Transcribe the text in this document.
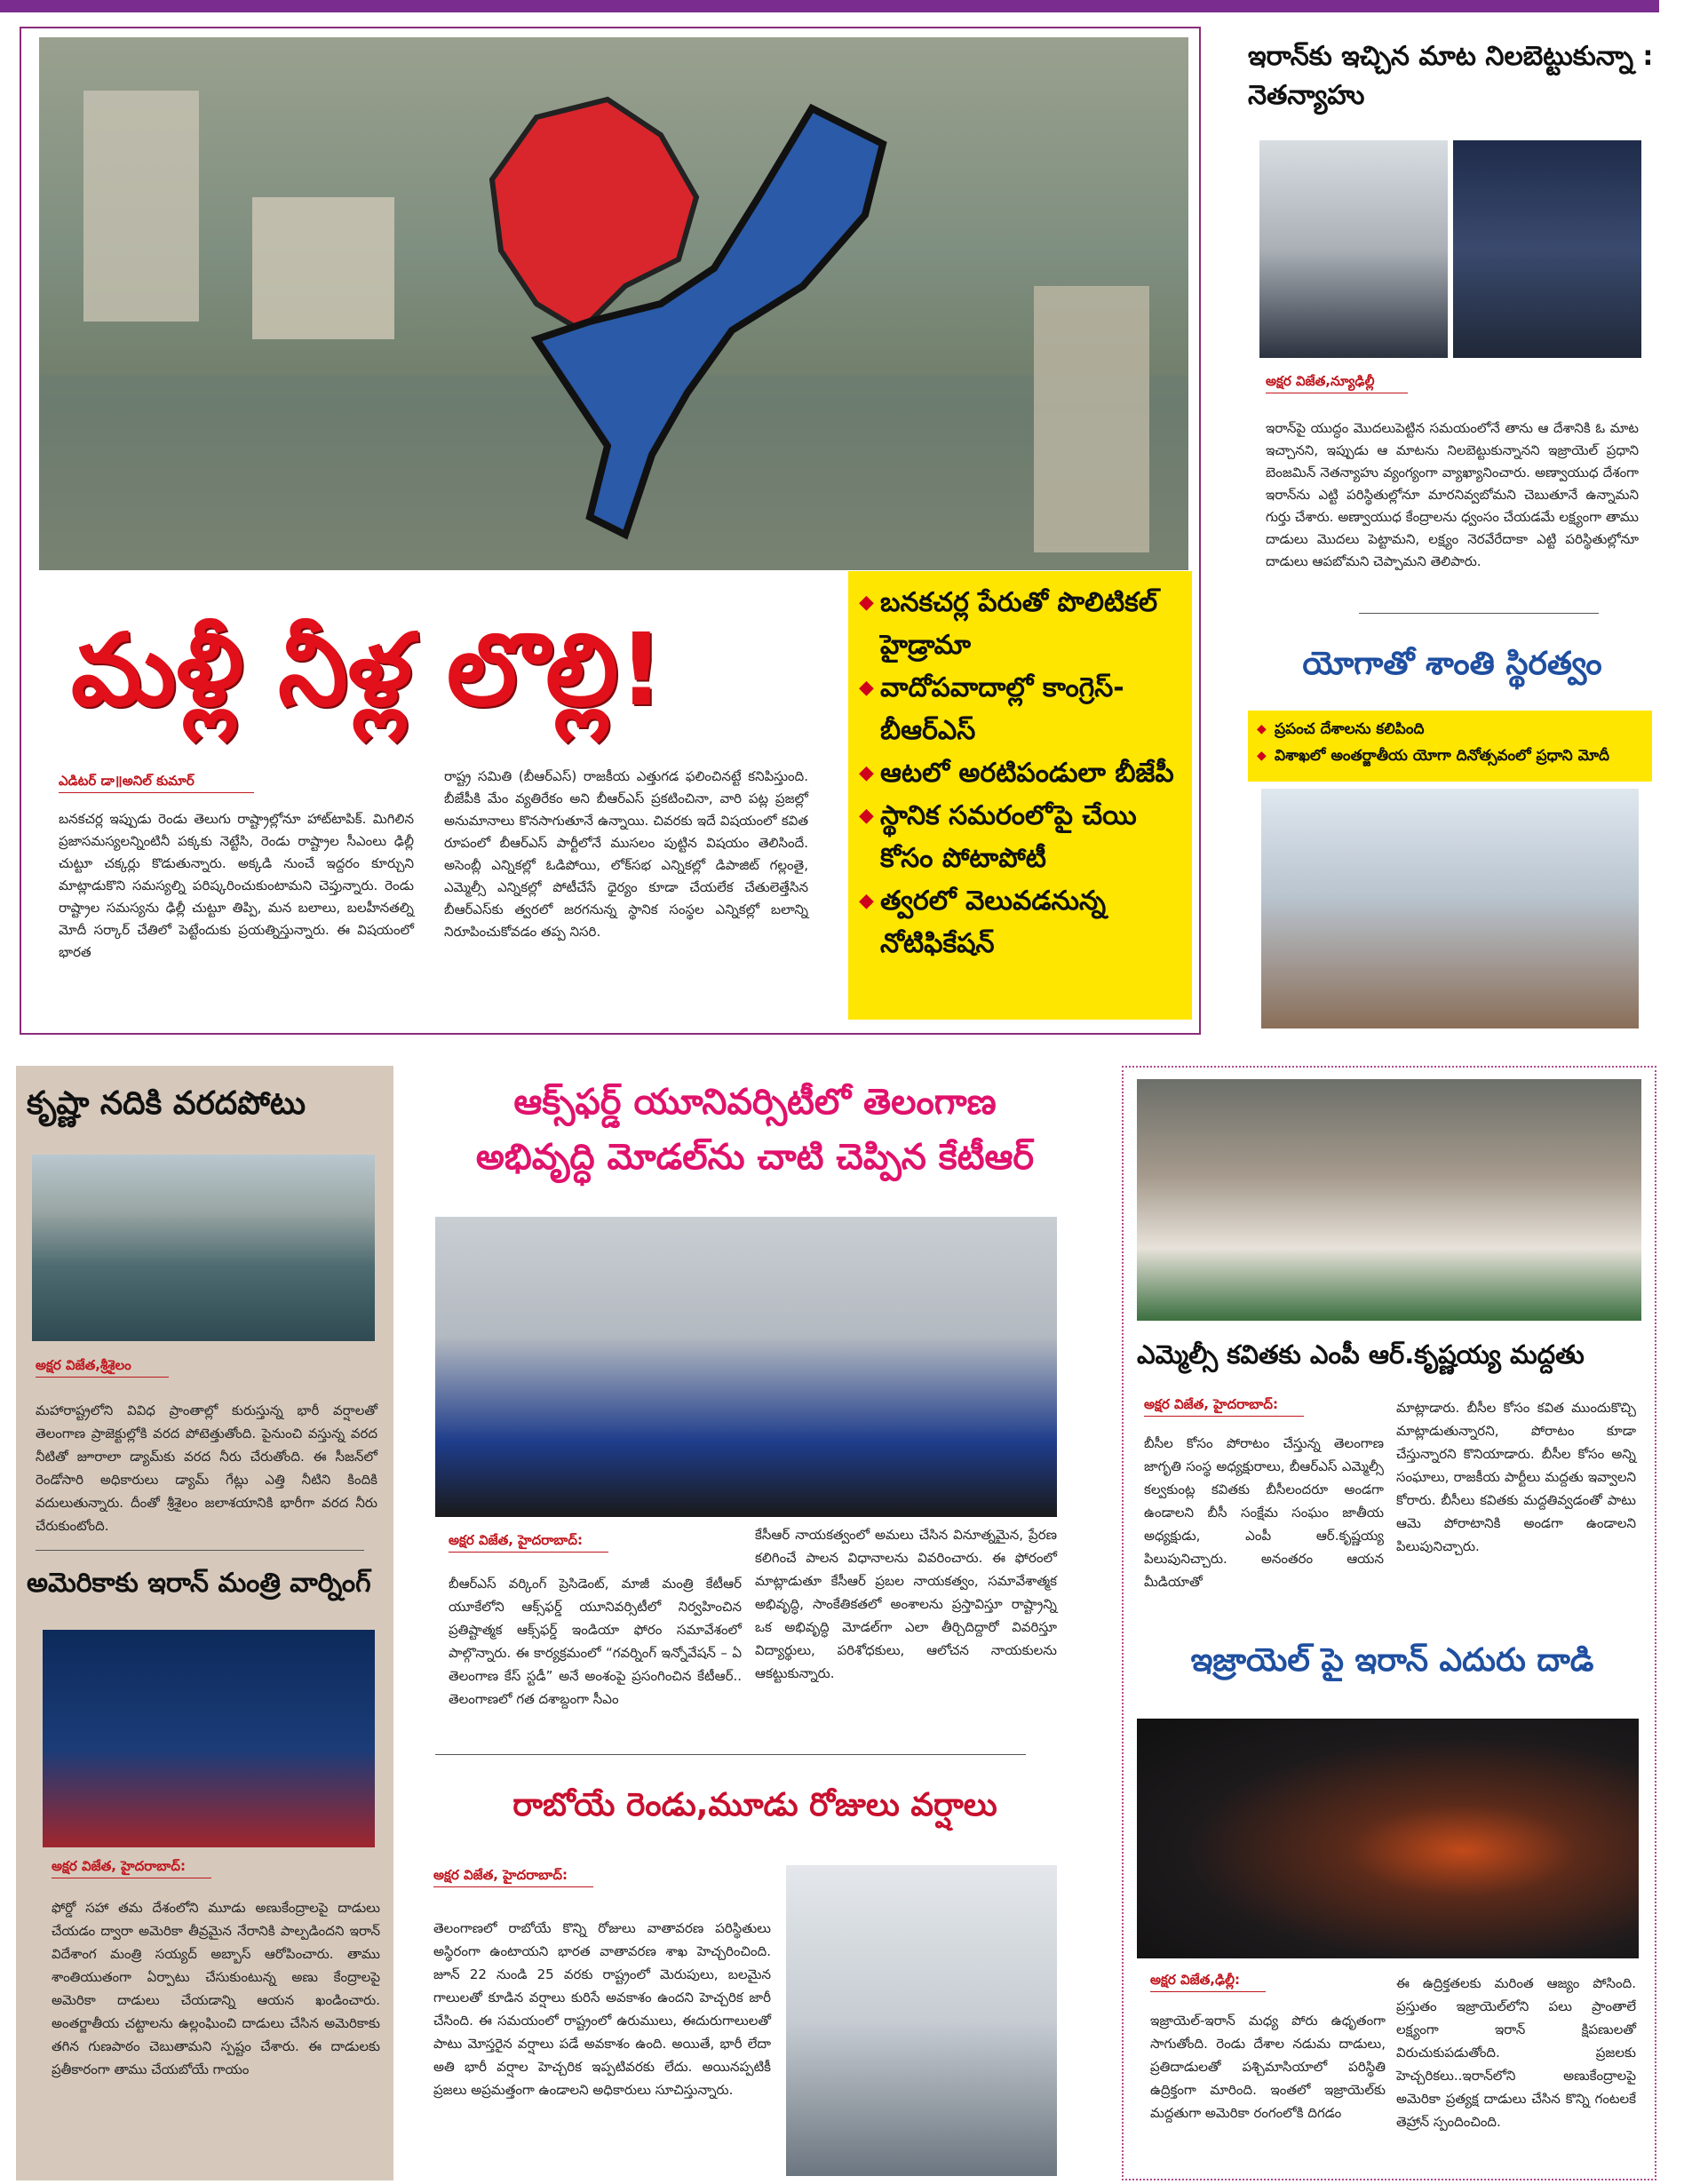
మళ్లీ నీళ్ల లొల్లి!
◆ బనకచర్ల పేరుతో పొలిటికల్ హైడ్రామా
◆ వాదోపవాదాల్లో కాంగ్రెస్-బీఆర్ఎస్
◆ ఆటలో అరటిపండులా బీజేపీ
◆ స్థానిక సమరంలోపై చేయి కోసం పోటాపోటీ
◆ త్వరలో వెలువడనున్న నోటిఫికేషన్
ఎడిటర్ డా॥అనిల్ కుమార్

బనకచర్ల ఇప్పుడు రెండు తెలుగు రాష్ట్రాల్లోనూ హాట్‌టాపిక్. మిగిలిన ప్రజాసమస్యలన్నింటినీ పక్కకు నెట్టేసి, రెండు రాష్ట్రాల సీఎంలు ఢిల్లీ చుట్టూ చక్కర్లు కొడుతున్నారు. అక్కడి నుంచే ఇద్దరం కూర్చుని మాట్లాడుకొని సమస్యల్ని పరిష్కరించుకుంటామని చెప్తున్నారు. రెండు రాష్ట్రాల సమస్యను ఢిల్లీ చుట్టూ తిప్పి, మన బలాలు, బలహీనతల్ని మోదీ సర్కార్ చేతిలో పెట్టేందుకు ప్రయత్నిస్తున్నారు. ఈ విషయంలో భారత

రాష్ట్ర సమితి (బీఆర్ఎస్) రాజకీయ ఎత్తుగడ ఫలించినట్టే కనిపిస్తుంది. బీజేపీకి మేం వ్యతిరేకం అని బీఆర్ఎస్ ప్రకటించినా, వారి పట్ల ప్రజల్లో అనుమానాలు కొనసాగుతూనే ఉన్నాయి. చివరకు ఇదే విషయంలో కవిత రూపంలో బీఆర్ఎస్ పార్టీలోనే ముసలం పుట్టిన విషయం తెలిసిందే. అసెంబ్లీ ఎన్నికల్లో ఓడిపోయి, లోక్‌సభ ఎన్నికల్లో డిపాజిట్ గల్లంతై, ఎమ్మెల్సీ ఎన్నికల్లో పోటీచేసే ధైర్యం కూడా చేయలేక చేతులెత్తేసిన బీఆర్ఎస్‌కు త్వరలో జరగనున్న స్థానిక సంస్థల ఎన్నికల్లో బలాన్ని నిరూపించుకోవడం తప్ప నిసరి.

ఇరాన్‌కు ఇచ్చిన మాట నిలబెట్టుకున్నా : నెతన్యాహు
అక్షర విజేత,న్యూఢిల్లీ

ఇరాన్‌పై యుద్ధం మొదలుపెట్టిన సమయంలోనే తాను ఆ దేశానికి ఓ మాట ఇచ్చానని, ఇప్పుడు ఆ మాటను నిలబెట్టుకున్నానని ఇజ్రాయెల్ ప్రధాని బెంజమిన్ నెతన్యాహు వ్యంగ్యంగా వ్యాఖ్యానించారు. అణ్వాయుధ దేశంగా ఇరాన్‌ను ఎట్టి పరిస్థితుల్లోనూ మారనివ్వబోమని చెబుతూనే ఉన్నామని గుర్తు చేశారు. అణ్వాయుధ కేంద్రాలను ధ్వంసం చేయడమే లక్ష్యంగా తాము దాడులు మొదలు పెట్టామని, లక్ష్యం నెరవేరేదాకా ఎట్టి పరిస్థితుల్లోనూ దాడులు ఆపబోమని చెప్పామని తెలిపారు.

యోగాతో శాంతి స్థిరత్వం
◆ ప్రపంచ దేశాలను కలిపింది
◆ విశాఖలో అంతర్జాతీయ యోగా దినోత్సవంలో ప్రధాని మోదీ
కృష్ణా నదికి వరదపోటు
అక్షర విజేత,శ్రీశైలం

మహారాష్ట్రలోని వివిధ ప్రాంతాల్లో కురుస్తున్న భారీ వర్షాలతో తెలంగాణ ప్రాజెక్టుల్లోకి వరద పోటెత్తుతోంది. పైనుంచి వస్తున్న వరద నీటితో జూరాలా డ్యామ్‌కు వరద నీరు చేరుతోంది. ఈ సీజన్‌లో రెండోసారి అధికారులు డ్యామ్ గేట్లు ఎత్తి నీటిని కిందికి వదులుతున్నారు. దీంతో శ్రీశైలం జలాశయానికి భారీగా వరద నీరు చేరుకుంటోంది.

అమెరికాకు ఇరాన్ మంత్రి వార్నింగ్
అక్షర విజేత, హైదరాబాద్:

ఫోర్డో సహా తమ దేశంలోని మూడు అణుకేంద్రాలపై దాడులు చేయడం ద్వారా అమెరికా తీవ్రమైన నేరానికి పాల్పడిందని ఇరాన్ విదేశాంగ మంత్రి సయ్యద్ అబ్బాస్ ఆరోపించారు. తాము శాంతియుతంగా ఏర్పాటు చేసుకుంటున్న అణు కేంద్రాలపై అమెరికా దాడులు చేయడాన్ని ఆయన ఖండించారు. అంతర్జాతీయ చట్టాలను ఉల్లంఘించి దాడులు చేసిన అమెరికాకు తగిన గుణపాఠం చెబుతామని స్పష్టం చేశారు. ఈ దాడులకు ప్రతీకారంగా తాము చేయబోయే గాయం

ఆక్స్‌ఫర్డ్ యూనివర్సిటీలో తెలంగాణ
అభివృద్ధి మోడల్‌ను చాటి చెప్పిన కేటీఆర్
అక్షర విజేత, హైదరాబాద్:

బీఆర్ఎస్ వర్కింగ్ ప్రెసిడెంట్, మాజీ మంత్రి కేటీఆర్ యూకేలోని ఆక్స్‌ఫర్డ్ యూనివర్సిటీలో నిర్వహించిన ప్రతిష్టాత్మక ఆక్స్‌ఫర్డ్ ఇండియా ఫోరం సమావేశంలో పాల్గొన్నారు. ఈ కార్యక్రమంలో “గవర్నింగ్ ఇన్నోవేషన్ – ఏ తెలంగాణ కేస్ స్టడీ” అనే అంశంపై ప్రసంగించిన కేటీఆర్.. తెలంగాణలో గత దశాబ్దంగా సీఎం

కేసీఆర్ నాయకత్వంలో అమలు చేసిన వినూత్నమైన, ప్రేరణ కలిగించే పాలన విధానాలను వివరించారు. ఈ ఫోరంలో మాట్లాడుతూ కేసీఆర్ ప్రబల నాయకత్వం, సమావేశాత్మక అభివృద్ధి, సాంకేతికతలో అంశాలను ప్రస్తావిస్తూ రాష్ట్రాన్ని ఒక అభివృద్ధి మోడల్‌గా ఎలా తీర్చిదిద్దారో వివరిస్తూ విద్యార్థులు, పరిశోధకులు, ఆలోచన నాయకులను ఆకట్టుకున్నారు.

రాబోయే రెండు,మూడు రోజులు వర్షాలు
అక్షర విజేత, హైదరాబాద్:

తెలంగాణలో రాబోయే కొన్ని రోజులు వాతావరణ పరిస్థితులు అస్థిరంగా ఉంటాయని భారత వాతావరణ శాఖ హెచ్చరించింది. జూన్ 22 నుండి 25 వరకు రాష్ట్రంలో మెరుపులు, బలమైన గాలులతో కూడిన వర్షాలు కురిసే అవకాశం ఉందని హెచ్చరిక జారీ చేసింది. ఈ సమయంలో రాష్ట్రంలో ఉరుములు, ఈదురుగాలులతో పాటు మోస్తరైన వర్షాలు పడే అవకాశం ఉంది. అయితే, భారీ లేదా అతి భారీ వర్షాల హెచ్చరిక ఇప్పటివరకు లేదు. అయినప్పటికీ ప్రజలు అప్రమత్తంగా ఉండాలని అధికారులు సూచిస్తున్నారు.

ఎమ్మెల్సీ కవితకు ఎంపీ ఆర్.కృష్ణయ్య మద్దతు
అక్షర విజేత, హైదరాబాద్:

బీసీల కోసం పోరాటం చేస్తున్న తెలంగాణ జాగృతి సంస్థ అధ్యక్షురాలు, బీఆర్ఎస్ ఎమ్మెల్సీ కల్వకుంట్ల కవితకు బీసీలందరూ అండగా ఉండాలని బీసీ సంక్షేమ సంఘం జాతీయ అధ్యక్షుడు, ఎంపీ ఆర్.కృష్ణయ్య పిలుపునిచ్చారు. అనంతరం ఆయన మీడియాతో

మాట్లాడారు. బీసీల కోసం కవిత ముందుకొచ్చి మాట్లాడుతున్నారని, పోరాటం కూడా చేస్తున్నారని కొనియాడారు. బీసీల కోసం అన్ని సంఘాలు, రాజకీయ పార్టీలు మద్దతు ఇవ్వాలని కోరారు. బీసీలు కవితకు మద్దతివ్వడంతో పాటు ఆమె పోరాటానికి అండగా ఉండాలని పిలుపునిచ్చారు.

ఇజ్రాయెల్ పై ఇరాన్ ఎదురు దాడి
అక్షర విజేత,ఢిల్లీ:

ఇజ్రాయెల్-ఇరాన్ మధ్య పోరు ఉధృతంగా సాగుతోంది. రెండు దేశాల నడుమ దాడులు, ప్రతిదాడులతో పశ్చిమాసియాలో పరిస్థితి ఉద్రిక్తంగా మారింది. ఇంతలో ఇజ్రాయెల్‌కు మద్దతుగా అమెరికా రంగంలోకి దిగడం

ఈ ఉద్రిక్తతలకు మరింత ఆజ్యం పోసింది. ప్రస్తుతం ఇజ్రాయెల్‌లోని పలు ప్రాంతాలే లక్ష్యంగా ఇరాన్ క్షిపణులతో విరుచుకుపడుతోంది. ప్రజలకు హెచ్చరికలు..ఇరాన్‌లోని అణుకేంద్రాలపై అమెరికా ప్రత్యక్ష దాడులు చేసిన కొన్ని గంటలకే తెహ్రాన్ స్పందించింది.
